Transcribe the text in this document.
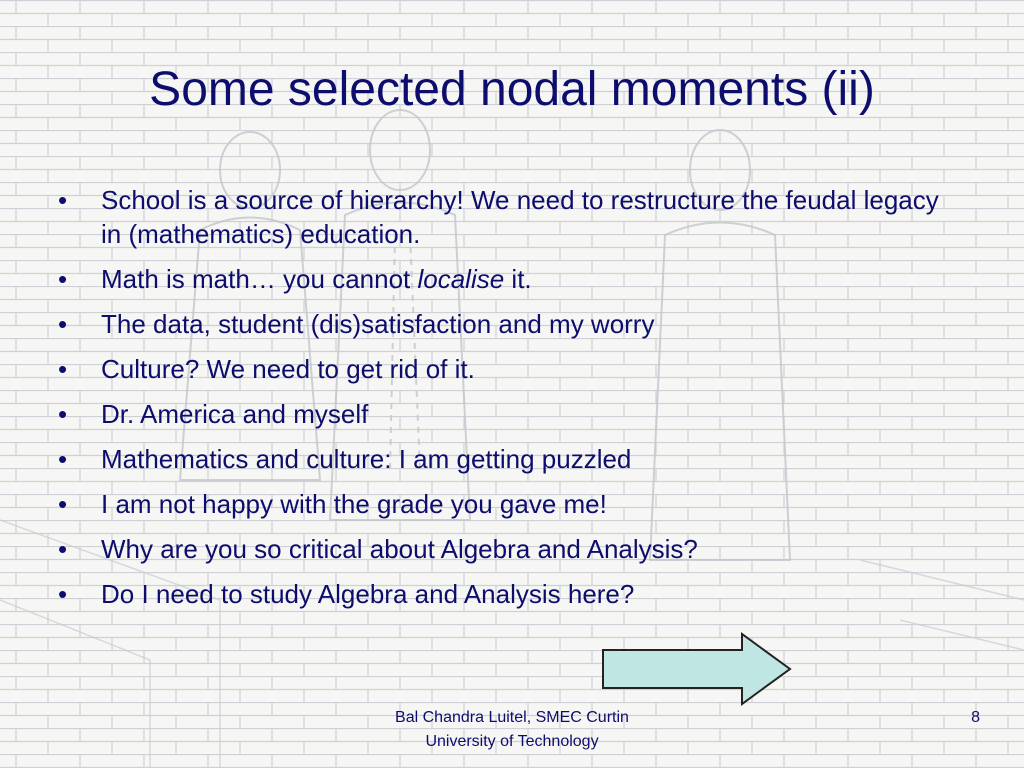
Some selected nodal moments (ii)
• School is a source of hierarchy! We need to restructure the feudal legacy in (mathematics) education.
• Math is math… you cannot localise it.
• The data, student (dis)satisfaction and my worry
• Culture? We need to get rid of it.
• Dr. America and myself
• Mathematics and culture: I am getting puzzled
• I am not happy with the grade you gave me!
• Why are you so critical about Algebra and Analysis?
• Do I need to study Algebra and Analysis here?
Bal Chandra Luitel, SMEC Curtin
University of Technology
8
